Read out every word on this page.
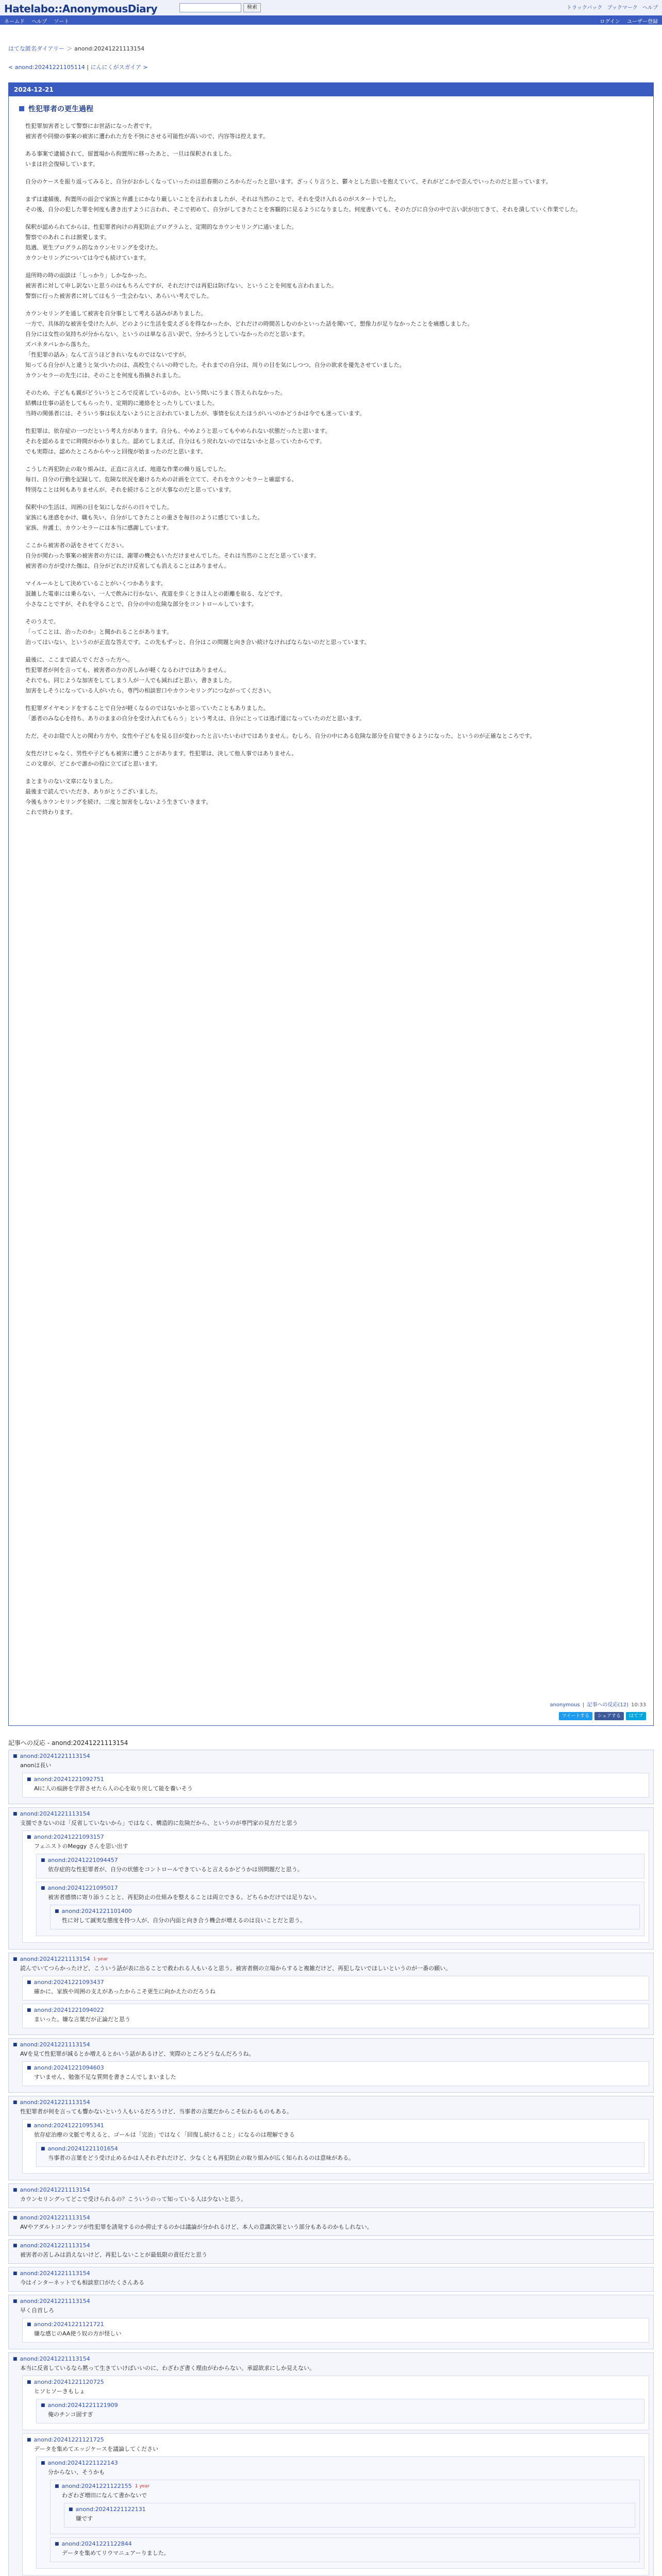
Hatelabo::AnonymousDiary	検索	トラックバック ブックマーク ヘルプ
ネームド ヘルプ ソート	ログイン ユーザー登録
はてな匿名ダイアリー ＞ anond:20241221113154
< anond:20241221105114 | にんにくがスガイア >
2024-12-21
性犯罪者の更生過程

性犯罪加害者として警察にお世話になった者です。
被害者や同僚の事案の被害に遭われた方を不快にさせる可能性が高いので、内容等は控えます。

ある事案で逮捕されて、留置場から拘置所に移ったあと、一旦は保釈されました。
いまは社会復帰しています。

自分のケースを振り返ってみると、自分がおかしくなっていったのは思春期のころからだったと思います。ざっくり言うと、鬱々とした思いを抱えていて、それがどこかで歪んでいったのだと思っています。

まずは逮捕後、拘置所の面会で家族と弁護士にかなり厳しいことを言われましたが、それは当然のことで、それを受け入れるのがスタートでした。
その後、自分の犯した罪を何度も書き出すように言われ、そこで初めて、自分がしてきたことを客観的に見るようになりました。何度書いても、そのたびに自分の中で言い訳が出てきて、それを潰していく作業でした。

保釈が認められてからは、性犯罪者向けの再犯防止プログラムと、定期的なカウンセリングに通いました。
警察でのあれこれは割愛します。
処遇、更生プログラム的なカウンセリングを受けた。
カウンセリングについては今でも続けています。

退所時の時の面談は「しっかり」しかなかった。
被害者に対して申し訳ないと思うのはもちろんですが、それだけでは再犯は防げない、ということを何度も言われました。
警察に行った被害者に対してはもう一生会わない、あらいい考えでした。

カウンセリングを通して被害を自分事として考える話みがありました。
一方で、具体的な被害を受けた人が、どのように生活を変えざるを得なかったか、どれだけの時間苦しむのかといった話を聞いて、想像力が足りなかったことを痛感しました。
自分には女性の気持ちが分からない、というのは単なる言い訳で、分かろうとしていなかったのだと思います。
ズバネタバレから落ちた。
「性犯罪の話み」なんて言うほどきれいなものではないですが。
知ってる自分が人と違うと気づいたのは、高校生ぐらいの時でした。それまでの自分は、周りの目を気にしつつ、自分の欲求を優先させていました。
カウンセラーの先生には、そのことを何度も指摘されました。

そのため、子どもも親がどういうところで反省しているのか。という問いにうまく答えられなかった。
結構は仕事の話をしてもらったり、定期的に連絡をとったりしていました。
当時の関係者には、そういう事は伝えないようにと言われていましたが、事情を伝えたほうがいいのかどうかは今でも迷っています。

性犯罪は、依存症の一つだという考え方があります。自分も、やめようと思ってもやめられない状態だったと思います。
それを認めるまでに時間がかかりました。認めてしまえば、自分はもう戻れないのではないかと思っていたからです。
でも実際は、認めたところからやっと回復が始まったのだと思います。

こうした再犯防止の取り組みは、正直に言えば、地道な作業の繰り返しでした。
毎日、自分の行動を記録して、危険な状況を避けるための計画を立てて、それをカウンセラーと確認する。
特別なことは何もありませんが、それを続けることが大事なのだと思っています。

保釈中の生活は、周囲の目を気にしながらの日々でした。
家族にも迷惑をかけ、職も失い、自分がしてきたことの重さを毎日のように感じていました。
家族、弁護士、カウンセラーには本当に感謝しています。

ここから被害者の話をさせてください。
自分が関わった事案の被害者の方には、謝罪の機会もいただけませんでした。それは当然のことだと思っています。
被害者の方が受けた傷は、自分がどれだけ反省しても消えることはありません。

マイルールとして決めていることがいくつかあります。
混雑した電車には乗らない、一人で飲みに行かない、夜道を歩くときは人との距離を取る、などです。
小さなことですが、それを守ることで、自分の中の危険な部分をコントロールしています。

そのうえで。
「ってことは、治ったのか」と聞かれることがあります。
治ってはいない、というのが正直な答えです。この先もずっと、自分はこの問題と向き合い続けなければならないのだと思っています。

最後に、ここまで読んでくださった方へ。
性犯罪者が何を言っても、被害者の方の苦しみが軽くなるわけではありません。
それでも、同じような加害をしてしまう人が一人でも減ればと思い、書きました。
加害をしそうになっている人がいたら、専門の相談窓口やカウンセリングにつながってください。

性犯罪ダイヤモンドをすることで自分が軽くなるのではないかと思っていたこともありました。
「悪者のみな心を持ち、ありのままの自分を受け入れてもらう」という考えは、自分にとっては逃げ道になっていたのだと思います。

ただ、そのお陰で人との関わり方や、女性や子どもを見る目が変わったと言いたいわけではありません。むしろ、自分の中にある危険な部分を自覚できるようになった、というのが正確なところです。

女性だけじゃなく、男性や子どもも被害に遭うことがあります。性犯罪は、決して他人事ではありません。
この文章が、どこかで誰かの役に立てばと思います。

まとまりのない文章になりました。
最後まで読んでいただき、ありがとうございました。
今後もカウンセリングを続け、二度と加害をしないよう生きていきます。
これで終わります。

anonymous | 記事への反応(12) 10:33
ツイートする	シェアする	はてブ
記事への反応 - anond:20241221113154
■ anond:20241221113154

anonは長い

■ anond:20241221092751

AIに人の痕跡を学習させたら人の心を取り戻して能を養いそう

■ anond:20241221113154

支援できないのは「反省していないから」ではなく、構造的に危険だから、というのが専門家の見方だと思う

■ anond:20241221093157

フェニストのMeggy さんを思い出す

■ anond:20241221094457

依存症的な性犯罪者が、自分の状態をコントロールできていると言えるかどうかは別問題だと思う。

■ anond:20241221095017

被害者感情に寄り添うことと、再犯防止の仕組みを整えることは両立できる。どちらかだけでは足りない。

■ anond:20241221101400

性に対して誠実な態度を持つ人が、自分の内面と向き合う機会が増えるのは良いことだと思う。

■ anond:20241221113154 1 year

読んでいてつらかったけど、こういう話が表に出ることで救われる人もいると思う。被害者側の立場からすると複雑だけど、再犯しないでほしいというのが一番の願い。

■ anond:20241221093437

確かに、家族や周囲の支えがあったからこそ更生に向かえたのだろうね

■ anond:20241221094022

まいった。嫌な言葉だが正論だと思う

■ anond:20241221113154

AVを見て性犯罪が減るとか増えるとかいう話があるけど、実際のところどうなんだろうね。

■ anond:20241221094603

すいません、勉強不足な質問を書きこんでしまいました

■ anond:20241221113154

性犯罪者が何を言っても響かないという人もいるだろうけど、当事者の言葉だからこそ伝わるものもある。

■ anond:20241221095341

依存症治療の文脈で考えると、ゴールは「完治」ではなく「回復し続けること」になるのは理解できる

■ anond:20241221101654

当事者の言葉をどう受け止めるかは人それぞれだけど、少なくとも再犯防止の取り組みが広く知られるのは意味がある。

■ anond:20241221113154

カウンセリングってどこで受けられるの？こういうのって知っている人は少ないと思う。

■ anond:20241221113154

AVやアダルトコンテンツが性犯罪を誘発するのか抑止するのかは議論が分かれるけど、本人の意識次第という部分もあるのかもしれない。

■ anond:20241221113154

被害者の苦しみは消えないけど、再犯しないことが最低限の責任だと思う

■ anond:20241221113154

今はインターネットでも相談窓口がたくさんある

■ anond:20241221113154

早く自首しろ

■ anond:20241221121721

嫌な感じのAA使う奴の方が怪しい

■ anond:20241221113154

本当に反省しているなら黙って生きていけばいいのに、わざわざ書く理由がわからない。承認欲求にしか見えない。

■ anond:20241221120725

ヒソヒソーきもしょ

■ anond:20241221121909

俺のチンコ固すぎ

■ anond:20241221121725

データを集めてエッジケースを議論してください

■ anond:20241221122143

分からない、そうかも

■ anond:20241221122155 1 year

わざわざ増田になんて書かないで

■ anond:20241221122131

嫌です

■ anond:20241221122844

データを集めてリウマニュアーりました。
